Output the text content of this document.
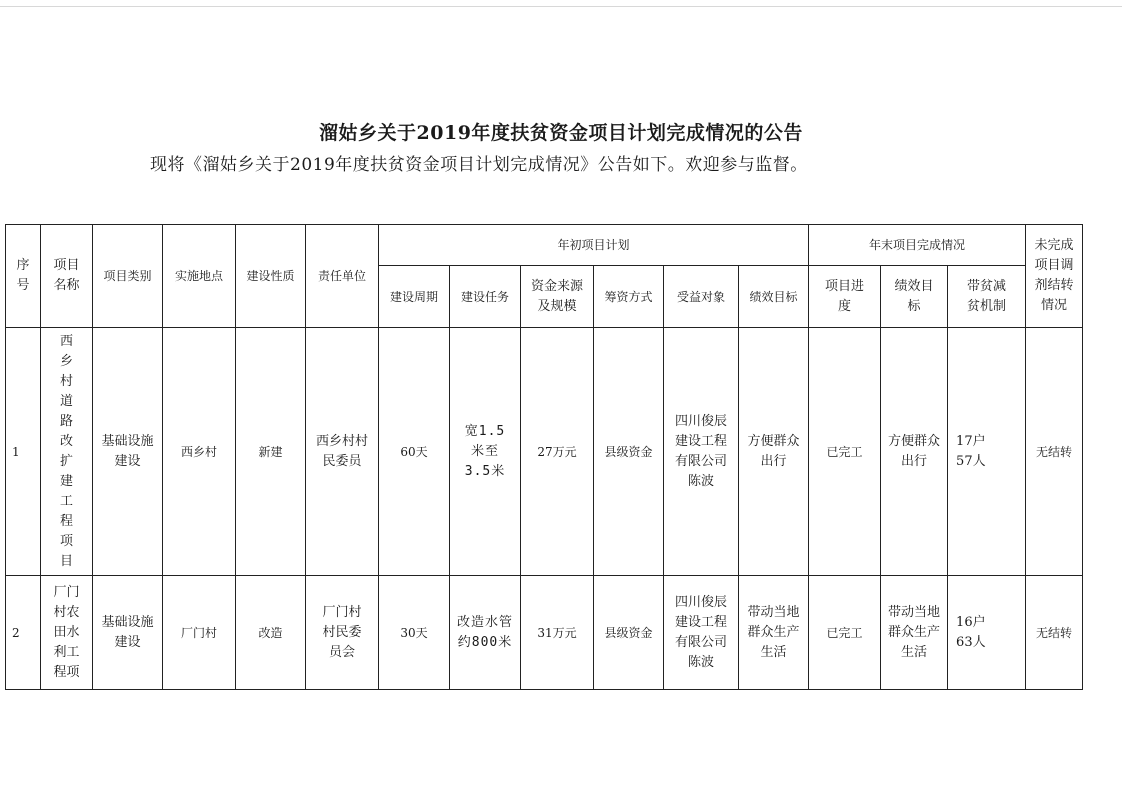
溜姑乡关于2019年度扶贫资金项目计划完成情况的公告
现将《溜姑乡关于2019年度扶贫资金项目计划完成情况》公告如下。欢迎参与监督。
序号	项目名称	项目类别	实施地点	建设性质	责任单位	年初项目计划						年末项目完成情况			未完成项目调剂结转情况
						建设周期	建设任务	资金来源及规模	筹资方式	受益对象	绩效目标	项目进度	绩效目标	带贫减贫机制	
1	西乡村道路改扩建工程项目	基础设施建设	西乡村	新建	西乡村村民委员	60天	宽1.5米至3.5米	27万元	县级资金	四川俊辰建设工程有限公司陈波	方便群众出行	已完工	方便群众出行	17户57人	无结转
2	厂门村农田水利工程项	基础设施建设	厂门村	改造	厂门村村民委员会	30天	改造水管约800米	31万元	县级资金	四川俊辰建设工程有限公司陈波	带动当地群众生产生活	已完工	带动当地群众生产生活	16户63人	无结转
